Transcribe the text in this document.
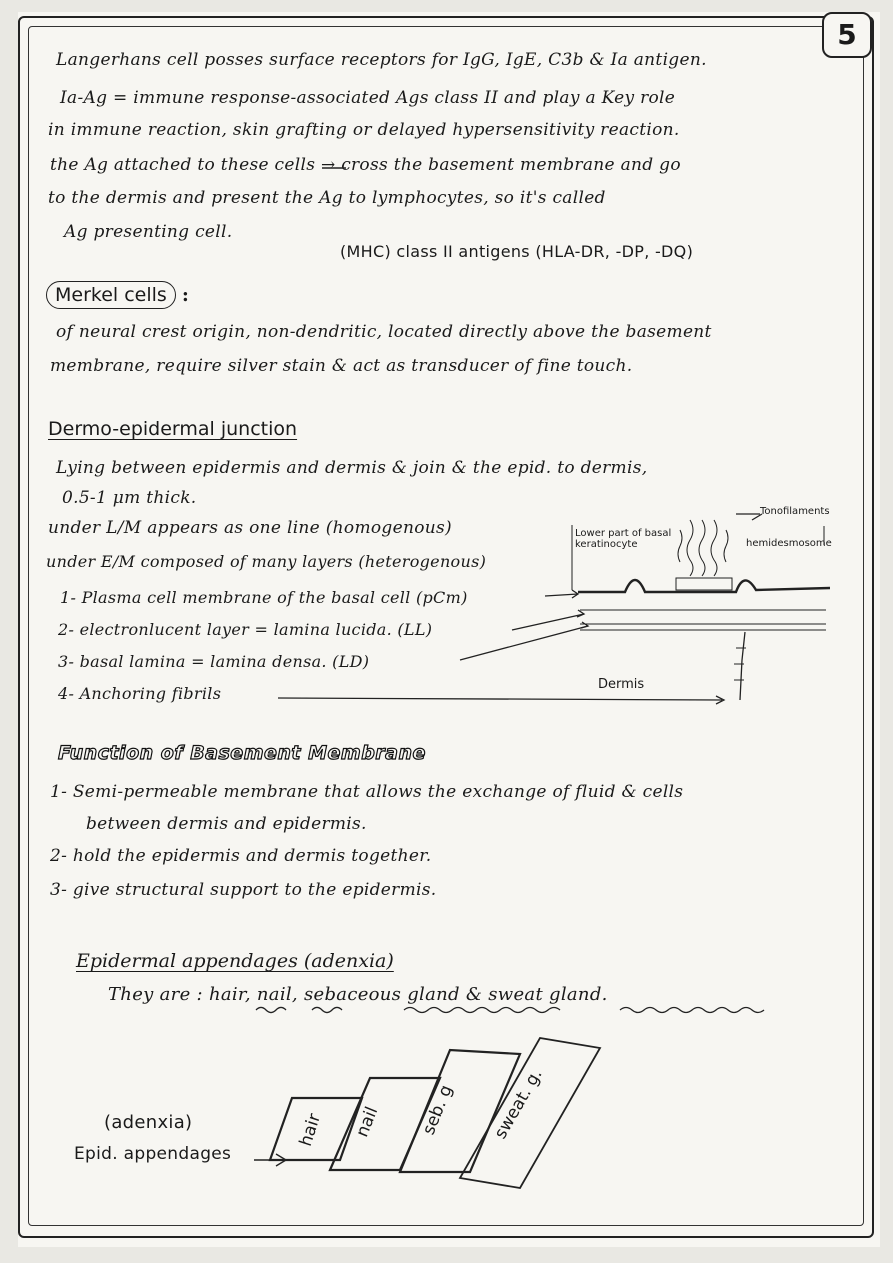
5
Langerhans cell posses surface receptors for IgG, IgE, C3b & Ia antigen.
Ia-Ag = immune response-associated Ags class II and play a Key role
in immune reaction, skin grafting or delayed hypersensitivity reaction.
the Ag attached to these cells → cross the basement membrane and go
to the dermis and present the Ag to lymphocytes, so it's called
Ag presenting cell.
(MHC) class II antigens (HLA-DR, -DP, -DQ)
Merkel cells :
of neural crest origin, non-dendritic, located directly above the basement
membrane, require silver stain & act as transducer of fine touch.
Dermo-epidermal junction
Lying between epidermis and dermis & join & the epid. to dermis,
0.5-1 μm thick.
under L/M appears as one line (homogenous)
under E/M composed of many layers (heterogenous)
1- Plasma cell membrane of the basal cell (pCm)
2- electronlucent layer = lamina lucida. (LL)
3- basal lamina = lamina densa. (LD)
4- Anchoring fibrils
Lower part of basal keratinocyte
Tonofilaments
hemidesmosome
Dermis
Function of Basement Membrane
1- Semi-permeable membrane that allows the exchange of fluid & cells
between dermis and epidermis.
2- hold the epidermis and dermis together.
3- give structural support to the epidermis.
Epidermal appendages (adenxia)
They are : hair, nail, sebaceous gland & sweat gland.
(adenxia)
Epid. appendages
hair nail seb. g sweat. g.
